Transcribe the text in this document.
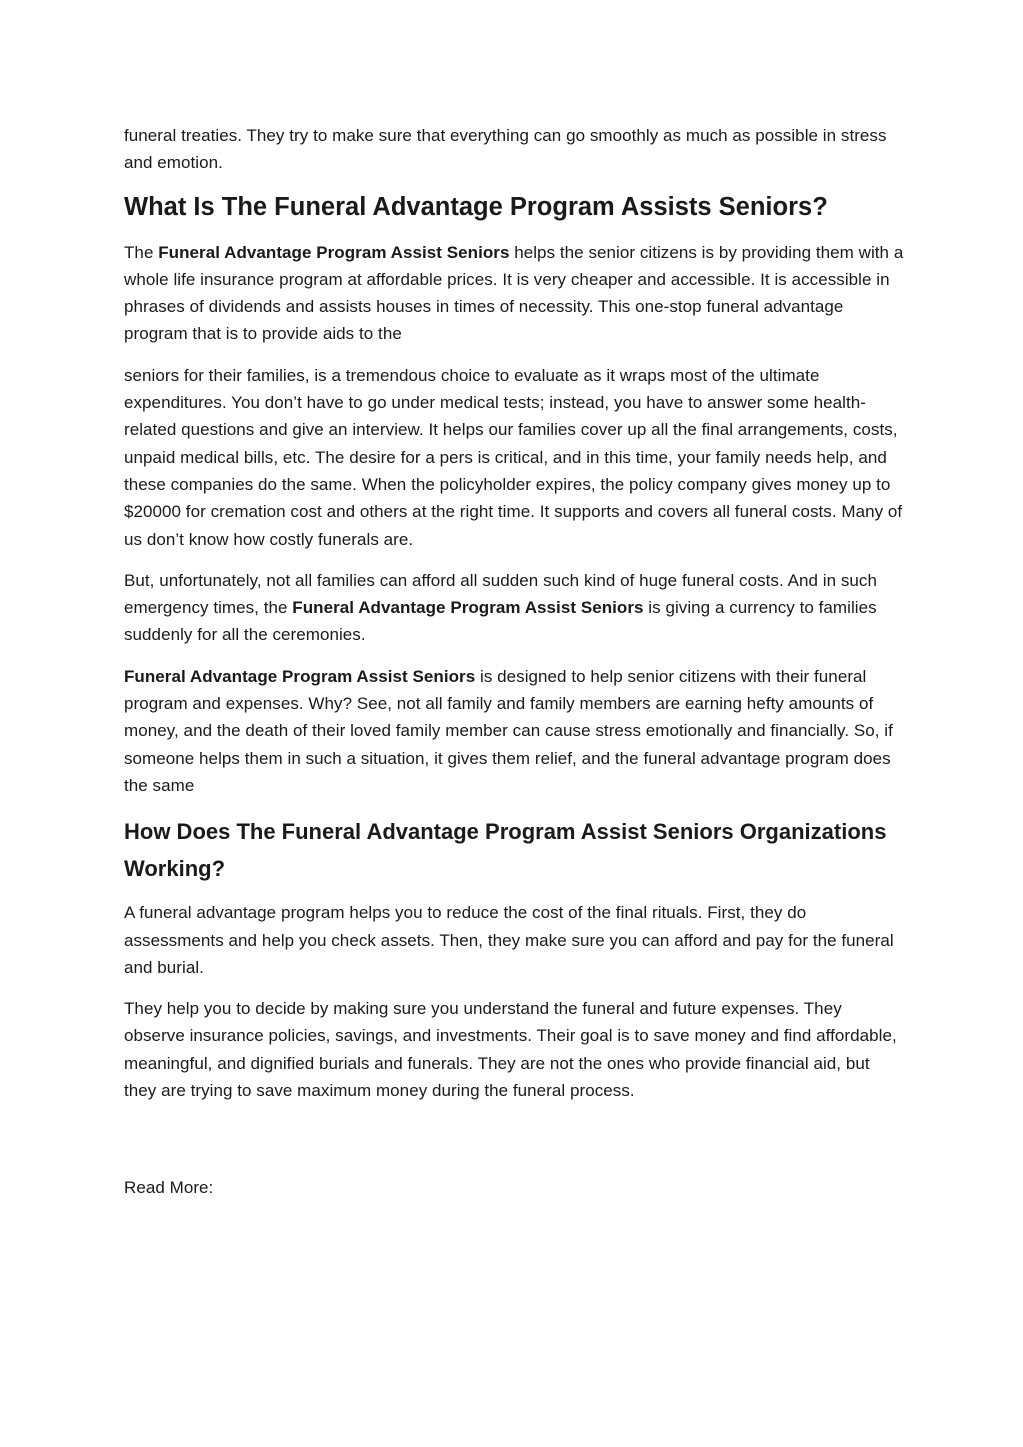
funeral treaties. They try to make sure that everything can go smoothly as much as possible in stress and emotion.

What Is The Funeral Advantage Program Assists Seniors?

The Funeral Advantage Program Assist Seniors helps the senior citizens is by providing them with a whole life insurance program at affordable prices. It is very cheaper and accessible. It is accessible in phrases of dividends and assists houses in times of necessity. This one-stop funeral advantage program that is to provide aids to the

seniors for their families, is a tremendous choice to evaluate as it wraps most of the ultimate expenditures. You don’t have to go under medical tests; instead, you have to answer some health-related questions and give an interview. It helps our families cover up all the final arrangements, costs, unpaid medical bills, etc. The desire for a pers is critical, and in this time, your family needs help, and these companies do the same. When the policyholder expires, the policy company gives money up to $20000 for cremation cost and others at the right time. It supports and covers all funeral costs. Many of us don’t know how costly funerals are.

But, unfortunately, not all families can afford all sudden such kind of huge funeral costs. And in such emergency times, the Funeral Advantage Program Assist Seniors is giving a currency to families suddenly for all the ceremonies.

Funeral Advantage Program Assist Seniors is designed to help senior citizens with their funeral program and expenses. Why? See, not all family and family members are earning hefty amounts of money, and the death of their loved family member can cause stress emotionally and financially. So, if someone helps them in such a situation, it gives them relief, and the funeral advantage program does the same

How Does The Funeral Advantage Program Assist Seniors Organizations Working?

A funeral advantage program helps you to reduce the cost of the final rituals. First, they do assessments and help you check assets. Then, they make sure you can afford and pay for the funeral and burial.

They help you to decide by making sure you understand the funeral and future expenses. They observe insurance policies, savings, and investments. Their goal is to save money and find affordable, meaningful, and dignified burials and funerals. They are not the ones who provide financial aid, but they are trying to save maximum money during the funeral process.

Read More:
